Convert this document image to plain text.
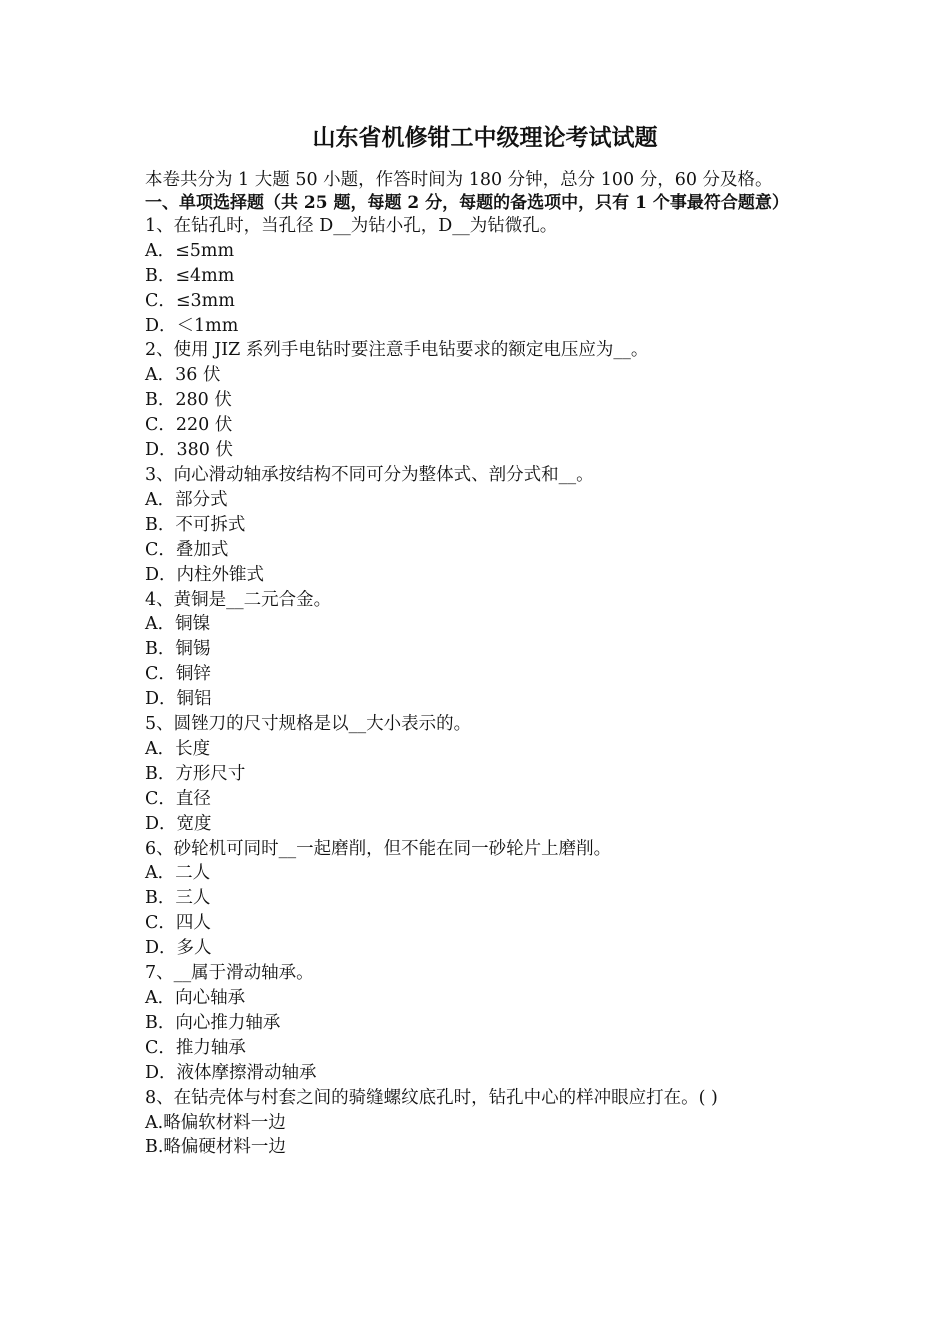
山东省机修钳工中级理论考试试题
本卷共分为 1 大题 50 小题，作答时间为 180 分钟，总分 100 分，60 分及格。
一、单项选择题（共 25 题，每题 2 分，每题的备选项中，只有 1 个事最符合题意）
1、在钻孔时，当孔径 D__为钻小孔，D__为钻微孔。
A．≤5mm
B．≤4mm
C．≤3mm
D．＜1mm
2、使用 JIZ 系列手电钻时要注意手电钻要求的额定电压应为__。
A．36 伏
B．280 伏
C．220 伏
D．380 伏
3、向心滑动轴承按结构不同可分为整体式、剖分式和__。
A．部分式
B．不可拆式
C．叠加式
D．内柱外锥式
4、黄铜是__二元合金。
A．铜镍
B．铜锡
C．铜锌
D．铜铝
5、圆锉刀的尺寸规格是以__大小表示的。
A．长度
B．方形尺寸
C．直径
D．宽度
6、砂轮机可同时__一起磨削，但不能在同一砂轮片上磨削。
A．二人
B．三人
C．四人
D．多人
7、__属于滑动轴承。
A．向心轴承
B．向心推力轴承
C．推力轴承
D．液体摩擦滑动轴承
8、在钻壳体与村套之间的骑缝螺纹底孔时，钻孔中心的样冲眼应打在。( )
A.略偏软材料一边
B.略偏硬材料一边
